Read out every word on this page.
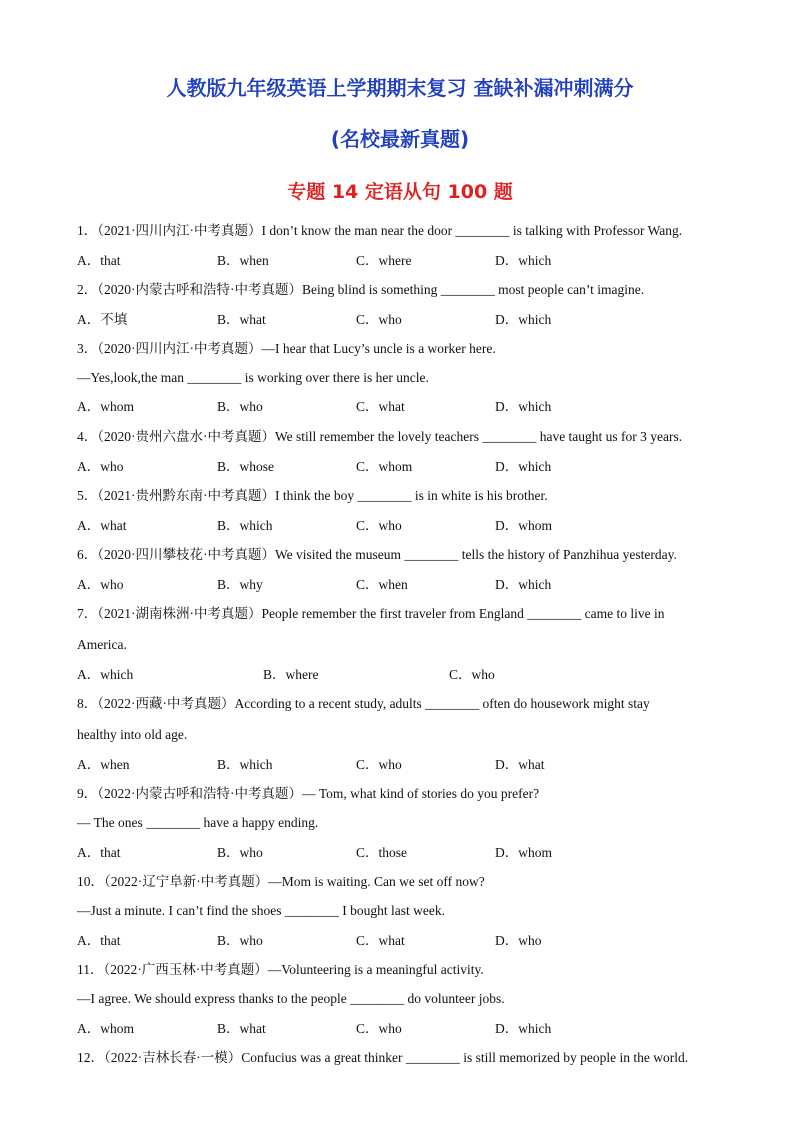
人教版九年级英语上学期期末复习 查缺补漏冲刺满分
(名校最新真题)
专题 14 定语从句 100 题
1．（2021·四川内江·中考真题）I don’t know the man near the door ________ is talking with Professor Wang.
A．that	B．when	C．where	D．which
2．（2020·内蒙古呼和浩特·中考真题）Being blind is something ________ most people can’t imagine.
A．不填	B．what	C．who	D．which
3．（2020·四川内江·中考真题）—I hear that Lucy’s uncle is a worker here.
—Yes,look,the man ________ is working over there is her uncle.
A．whom	B．who	C．what	D．which
4．（2020·贵州六盘水·中考真题）We still remember the lovely teachers ________ have taught us for 3 years.
A．who	B．whose	C．whom	D．which
5．（2021·贵州黔东南·中考真题）I think the boy ________ is in white is his brother.
A．what	B．which	C．who	D．whom
6．（2020·四川攀枝花·中考真题）We visited the museum ________ tells the history of Panzhihua yesterday.
A．who	B．why	C．when	D．which
7．（2021·湖南株洲·中考真题）People remember the first traveler from England ________ came to live in
America.
A．which	B．where	C．who
8．（2022·西藏·中考真题）According to a recent study, adults ________ often do housework might stay
healthy into old age.
A．when	B．which	C．who	D．what
9．（2022·内蒙古呼和浩特·中考真题）— Tom, what kind of stories do you prefer?
— The ones ________ have a happy ending.
A．that	B．who	C．those	D．whom
10．（2022·辽宁阜新·中考真题）—Mom is waiting. Can we set off now?
—Just a minute. I can’t find the shoes ________ I bought last week.
A．that	B．who	C．what	D．who
11．（2022·广西玉林·中考真题）—Volunteering is a meaningful activity.
—I agree. We should express thanks to the people ________ do volunteer jobs.
A．whom	B．what	C．who	D．which
12．（2022·吉林长春·一模）Confucius was a great thinker ________ is still memorized by people in the world.
